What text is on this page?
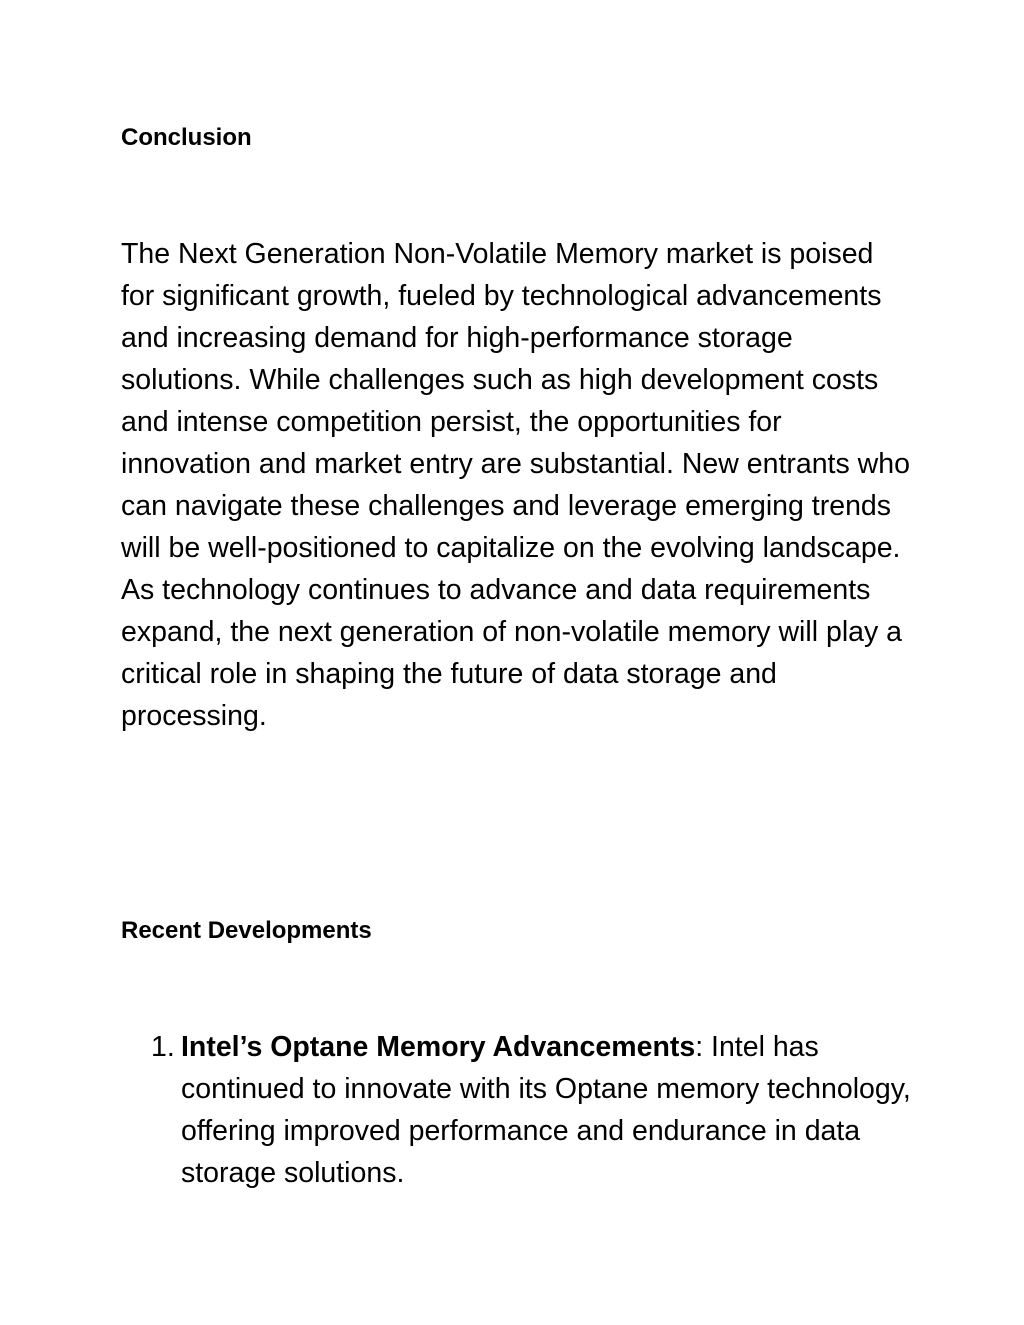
Conclusion

The Next Generation Non-Volatile Memory market is poised for significant growth, fueled by technological advancements and increasing demand for high-performance storage solutions. While challenges such as high development costs and intense competition persist, the opportunities for innovation and market entry are substantial. New entrants who can navigate these challenges and leverage emerging trends will be well-positioned to capitalize on the evolving landscape. As technology continues to advance and data requirements expand, the next generation of non-volatile memory will play a critical role in shaping the future of data storage and processing.

Recent Developments
1. Intel’s Optane Memory Advancements: Intel has continued to innovate with its Optane memory technology, offering improved performance and endurance in data storage solutions.
